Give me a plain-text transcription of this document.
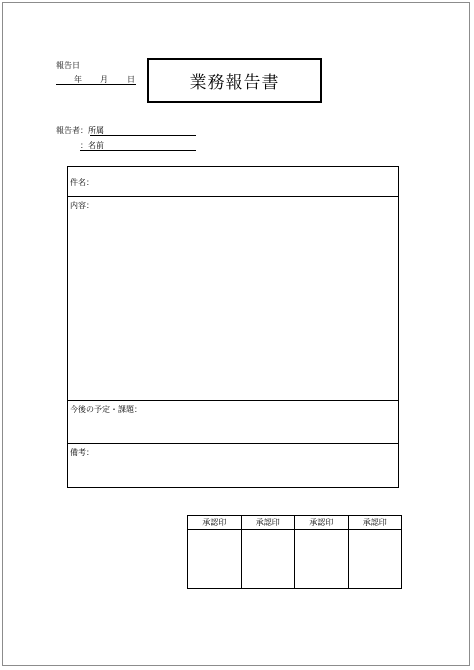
報告日
年 月 日	業務報告書
報告者：所属
：名前
件名：
内容：
今後の予定・課題：
備考：
承認印	承認印	承認印	承認印
